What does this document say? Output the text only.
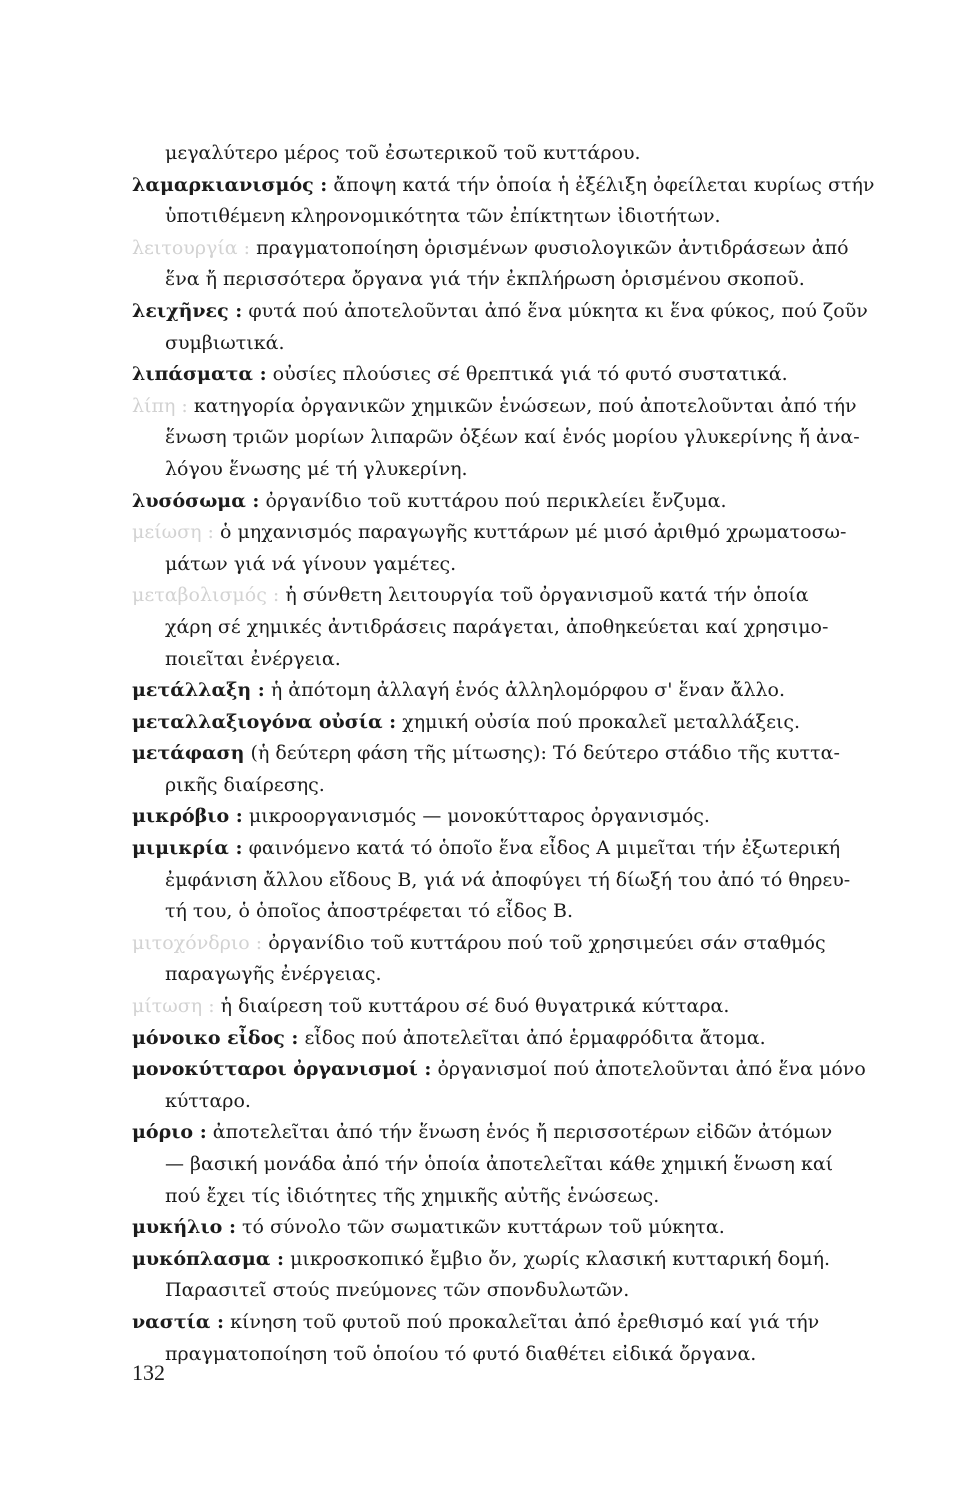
μεγαλύτερο μέρος τοῦ ἐσωτερικοῦ τοῦ κυττάρου.

λαμαρκιανισμός : ἄποψη κατά τήν ὁποία ἡ ἐξέλιξη ὀφείλεται κυρίως στήν
ὑποτιθέμενη κληρονομικότητα τῶν ἐπίκτητων ἰδιοτήτων.

λειτουργία : πραγματοποίηση ὁρισμένων φυσιολογικῶν ἀντιδράσεων ἀπό
ἕνα ἤ περισσότερα ὄργανα γιά τήν ἐκπλήρωση ὁρισμένου σκοποῦ.

λειχῆνες : φυτά πού ἀποτελοῦνται ἀπό ἕνα μύκητα κι ἕνα φύκος, πού ζοῦν
συμβιωτικά.

λιπάσματα : οὐσίες πλούσιες σέ θρεπτικά γιά τό φυτό συστατικά.

λίπη : κατηγορία ὀργανικῶν χημικῶν ἑνώσεων, πού ἀποτελοῦνται ἀπό τήν
ἕνωση τριῶν μορίων λιπαρῶν ὀξέων καί ἑνός μορίου γλυκερίνης ἤ ἀνα-
λόγου ἕνωσης μέ τή γλυκερίνη.

λυσόσωμα : ὀργανίδιο τοῦ κυττάρου πού περικλείει ἔνζυμα.

μείωση : ὁ μηχανισμός παραγωγῆς κυττάρων μέ μισό ἀριθμό χρωματοσω-
μάτων γιά νά γίνουν γαμέτες.

μεταβολισμός : ἡ σύνθετη λειτουργία τοῦ ὀργανισμοῦ κατά τήν ὁποία
χάρη σέ χημικές ἀντιδράσεις παράγεται, ἀποθηκεύεται καί χρησιμο-
ποιεῖται ἐνέργεια.

μετάλλαξη : ἡ ἀπότομη ἀλλαγή ἑνός ἀλληλομόρφου σ' ἕναν ἄλλο.

μεταλλαξιογόνα οὐσία : χημική οὐσία πού προκαλεῖ μεταλλάξεις.

μετάφαση (ἡ δεύτερη φάση τῆς μίτωσης): Τό δεύτερο στάδιο τῆς κυττα-
ρικῆς διαίρεσης.

μικρόβιο : μικροοργανισμός — μονοκύτταρος ὀργανισμός.

μιμικρία : φαινόμενο κατά τό ὁποῖο ἕνα εἶδος Α μιμεῖται τήν ἐξωτερική
ἐμφάνιση ἄλλου εἴδους Β, γιά νά ἀποφύγει τή δίωξή του ἀπό τό θηρευ-
τή του, ὁ ὁποῖος ἀποστρέφεται τό εἶδος Β.

μιτοχόνδριο : ὀργανίδιο τοῦ κυττάρου πού τοῦ χρησιμεύει σάν σταθμός
παραγωγῆς ἐνέργειας.

μίτωση : ἡ διαίρεση τοῦ κυττάρου σέ δυό θυγατρικά κύτταρα.

μόνοικο εἶδος : εἶδος πού ἀποτελεῖται ἀπό ἑρμαφρόδιτα ἄτομα.

μονοκύτταροι ὀργανισμοί : ὀργανισμοί πού ἀποτελοῦνται ἀπό ἕνα μόνο
κύτταρο.

μόριο : ἀποτελεῖται ἀπό τήν ἕνωση ἑνός ἤ περισσοτέρων εἰδῶν ἀτόμων
— βασική μονάδα ἀπό τήν ὁποία ἀποτελεῖται κάθε χημική ἕνωση καί
πού ἔχει τίς ἰδιότητες τῆς χημικῆς αὐτῆς ἑνώσεως.

μυκήλιο : τό σύνολο τῶν σωματικῶν κυττάρων τοῦ μύκητα.

μυκόπλασμα : μικροσκοπικό ἔμβιο ὄν, χωρίς κλασική κυτταρική δομή.
Παρασιτεῖ στούς πνεύμονες τῶν σπονδυλωτῶν.

ναστία : κίνηση τοῦ φυτοῦ πού προκαλεῖται ἀπό ἐρεθισμό καί γιά τήν
πραγματοποίηση τοῦ ὁποίου τό φυτό διαθέτει εἰδικά ὄργανα.

132
